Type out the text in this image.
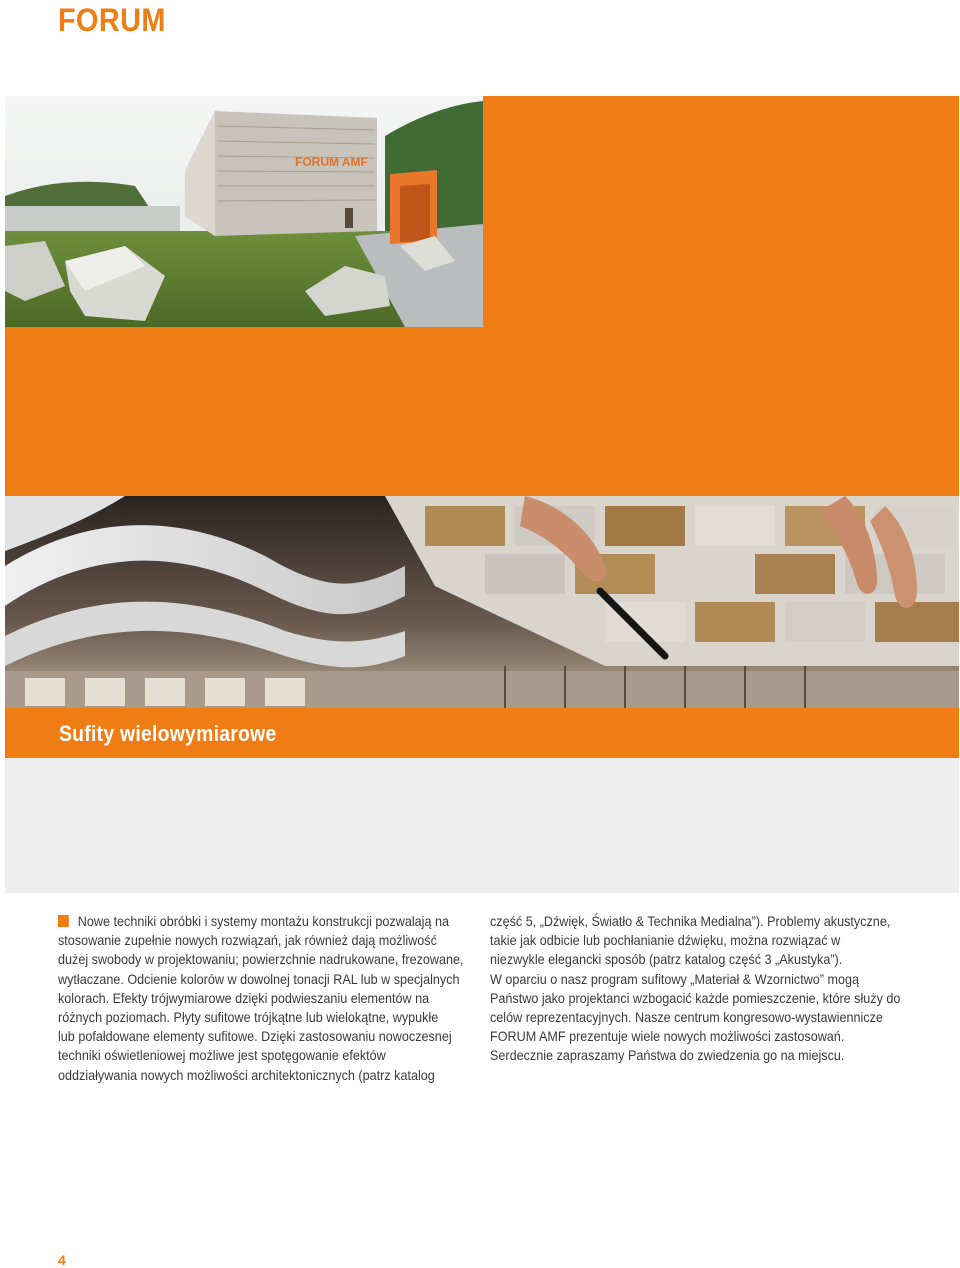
FORUM
FORUM AMF
Sufity wielowymiarowe
Nowe techniki obróbki i systemy montażu konstrukcji pozwalają na
stosowanie zupełnie nowych rozwiązań, jak również dają możliwość
dużej swobody w projektowaniu; powierzchnie nadrukowane, frezowane,
wytłaczane. Odcienie kolorów w dowolnej tonacji RAL lub w specjalnych
kolorach. Efekty trójwymiarowe dzięki podwieszaniu elementów na
różnych poziomach. Płyty sufitowe trójkątne lub wielokątne, wypukłe
lub pofałdowane elementy sufitowe. Dzięki zastosowaniu nowoczesnej
techniki oświetleniowej możliwe jest spotęgowanie efektów
oddziaływania nowych możliwości architektonicznych (patrz katalog
część 5, „Dźwięk, Światło & Technika Medialna”). Problemy akustyczne,
takie jak odbicie lub pochłanianie dźwięku, można rozwiązać w
niezwykle elegancki sposób (patrz katalog część 3 „Akustyka”).
W oparciu o nasz program sufitowy „Materiał & Wzornictwo” mogą
Państwo jako projektanci wzbogacić każde pomieszczenie, które służy do
celów reprezentacyjnych. Nasze centrum kongresowo-wystawiennicze
FORUM AMF prezentuje wiele nowych możliwości zastosowań.
Serdecznie zapraszamy Państwa do zwiedzenia go na miejscu.
4
